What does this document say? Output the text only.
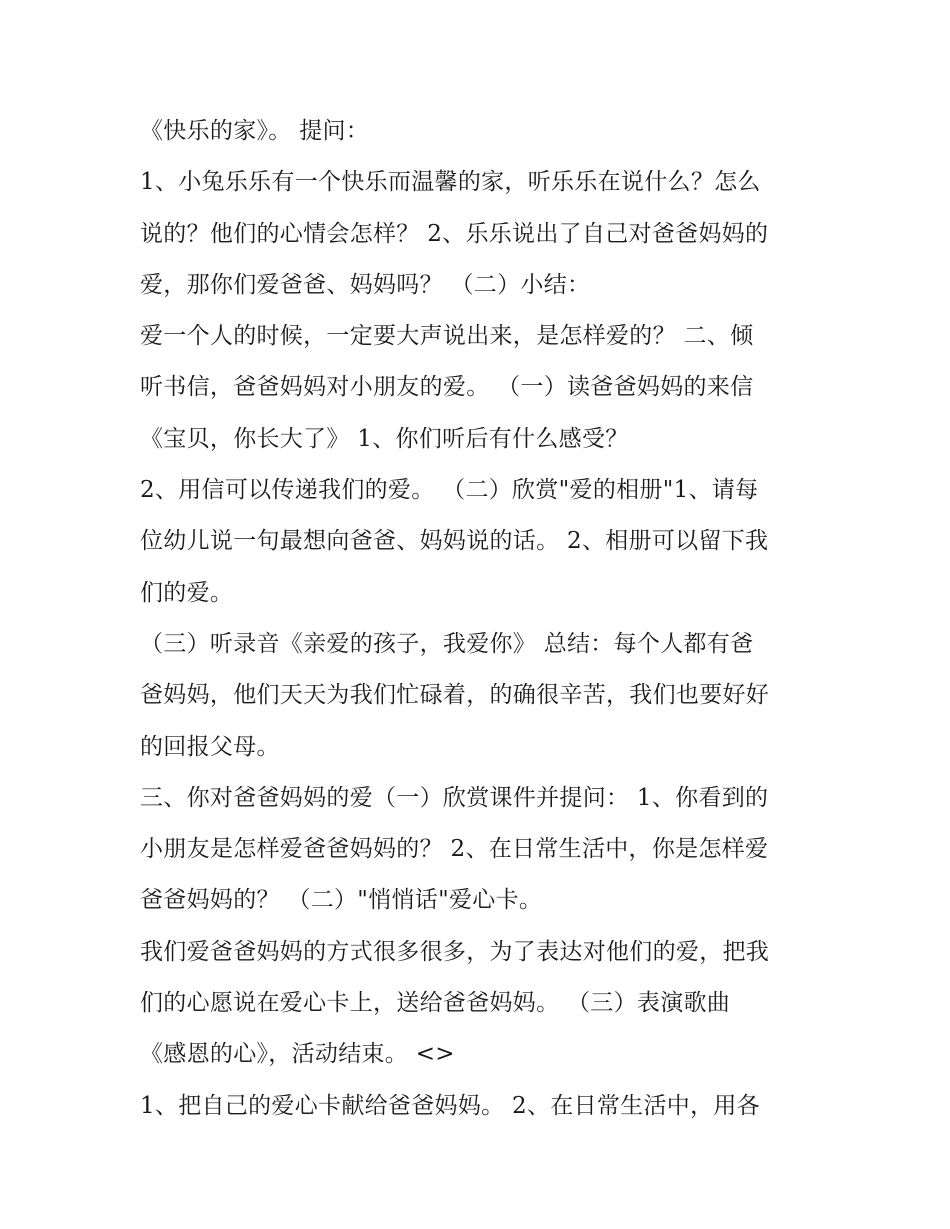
《快乐的家》。 提问：
1、小兔乐乐有一个快乐而温馨的家，听乐乐在说什么？怎么
说的？他们的心情会怎样？ 2、乐乐说出了自己对爸爸妈妈的
爱，那你们爱爸爸、妈妈吗？ （二）小结：
爱一个人的时候，一定要大声说出来，是怎样爱的？ 二、倾
听书信，爸爸妈妈对小朋友的爱。 （一）读爸爸妈妈的来信
《宝贝，你长大了》 1、你们听后有什么感受？
2、用信可以传递我们的爱。 （二）欣赏"爱的相册"1、请每
位幼儿说一句最想向爸爸、妈妈说的话。 2、相册可以留下我
们的爱。
（三）听录音《亲爱的孩子，我爱你》 总结：每个人都有爸
爸妈妈，他们天天为我们忙碌着，的确很辛苦，我们也要好好
的回报父母。
三、你对爸爸妈妈的爱（一）欣赏课件并提问： 1、你看到的
小朋友是怎样爱爸爸妈妈的？ 2、在日常生活中，你是怎样爱
爸爸妈妈的？ （二）"悄悄话"爱心卡。
我们爱爸爸妈妈的方式很多很多，为了表达对他们的爱，把我
们的心愿说在爱心卡上，送给爸爸妈妈。 （三）表演歌曲
《感恩的心》，活动结束。 <>
1、把自己的爱心卡献给爸爸妈妈。 2、在日常生活中，用各
